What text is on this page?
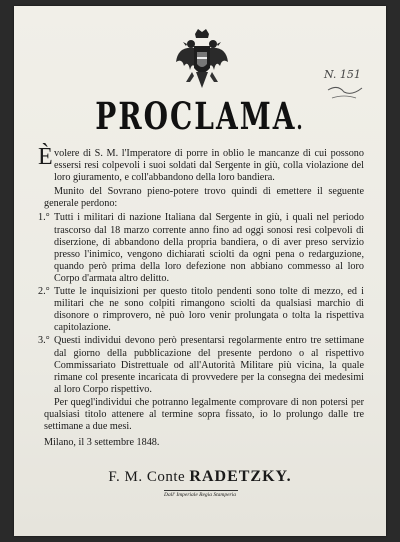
N. 151
PROCLAMA.

È volere di S. M. l'Imperatore di porre in oblio le mancanze di cui possono essersi resi colpevoli i suoi soldati dal Sergente in giù, colla violazione del loro giuramento, e coll'abbandono della loro bandiera.

Munito del Sovrano pieno-potere trovo quindi di emettere il seguente generale perdono:

1.° Tutti i militari di nazione Italiana dal Sergente in giù, i quali nel periodo trascorso dal 18 marzo corrente anno fino ad oggi sonosi resi colpevoli di diserzione, di abbandono della propria bandiera, o di aver preso servizio presso l'inimico, vengono dichiarati sciolti da ogni pena o redarguzione, quando però prima della loro defezione non abbiano commesso al loro Corpo d'armata altro delitto.

2.° Tutte le inquisizioni per questo titolo pendenti sono tolte di mezzo, ed i militari che ne sono colpiti rimangono sciolti da qualsiasi marchio di disonore o rimprovero, nè può loro venir prolungata o tolta la rispettiva capitolazione.

3.° Questi individui devono però presentarsi regolarmente entro tre settimane dal giorno della pubblicazione del presente perdono o al rispettivo Commissariato Distrettuale od all'Autorità Militare più vicina, la quale rimane col presente incaricata di provvedere per la consegna dei medesimi al loro Corpo rispettivo.

Per quegl'individui che potranno legalmente comprovare di non potersi per qualsiasi titolo attenere al termine sopra fissato, io lo prolungo dalle tre settimane a due mesi.

Milano, il 3 settembre 1848.

F. M. Conte RADETZKY.
Dall' Imperiale Regia Stamperia
